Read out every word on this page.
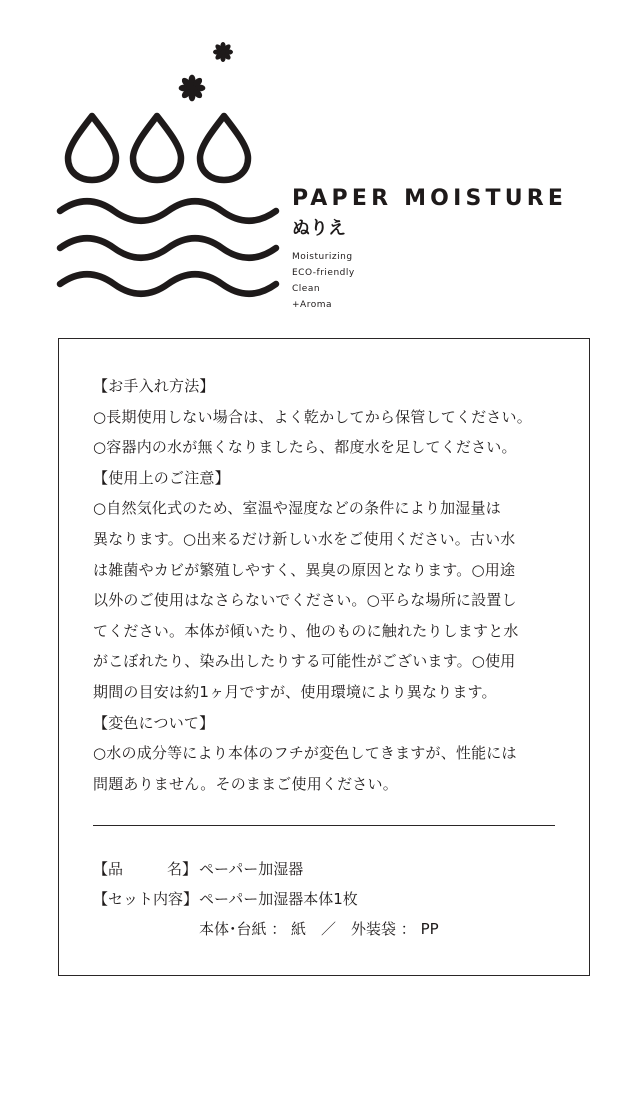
PAPER MOISTURE
ぬりえ
Moisturizing
ECO-friendly
Clean
+Aroma
【お手入れ方法】
○長期使用しない場合は、よく乾かしてから保管してください。
○容器内の水が無くなりましたら、都度水を足してください。
【使用上のご注意】
○自然気化式のため、室温や湿度などの条件により加湿量は
異なります。○出来るだけ新しい水をご使用ください。古い水
は雑菌やカビが繁殖しやすく、異臭の原因となります。○用途
以外のご使用はなさらないでください。○平らな場所に設置し
てください。本体が傾いたり、他のものに触れたりしますと水
がこぼれたり、染み出したりする可能性がございます。○使用
期間の目安は約1ヶ月ですが、使用環境により異なります。
【変色について】
○水の成分等により本体のフチが変色してきますが、性能には
問題ありません。そのままご使用ください。
【 品	名 】 ペーパー加湿器
【 セット内容 】 ペーパー加湿器本体1枚
本体･台紙 ： 紙　／　外装袋 ： PP
